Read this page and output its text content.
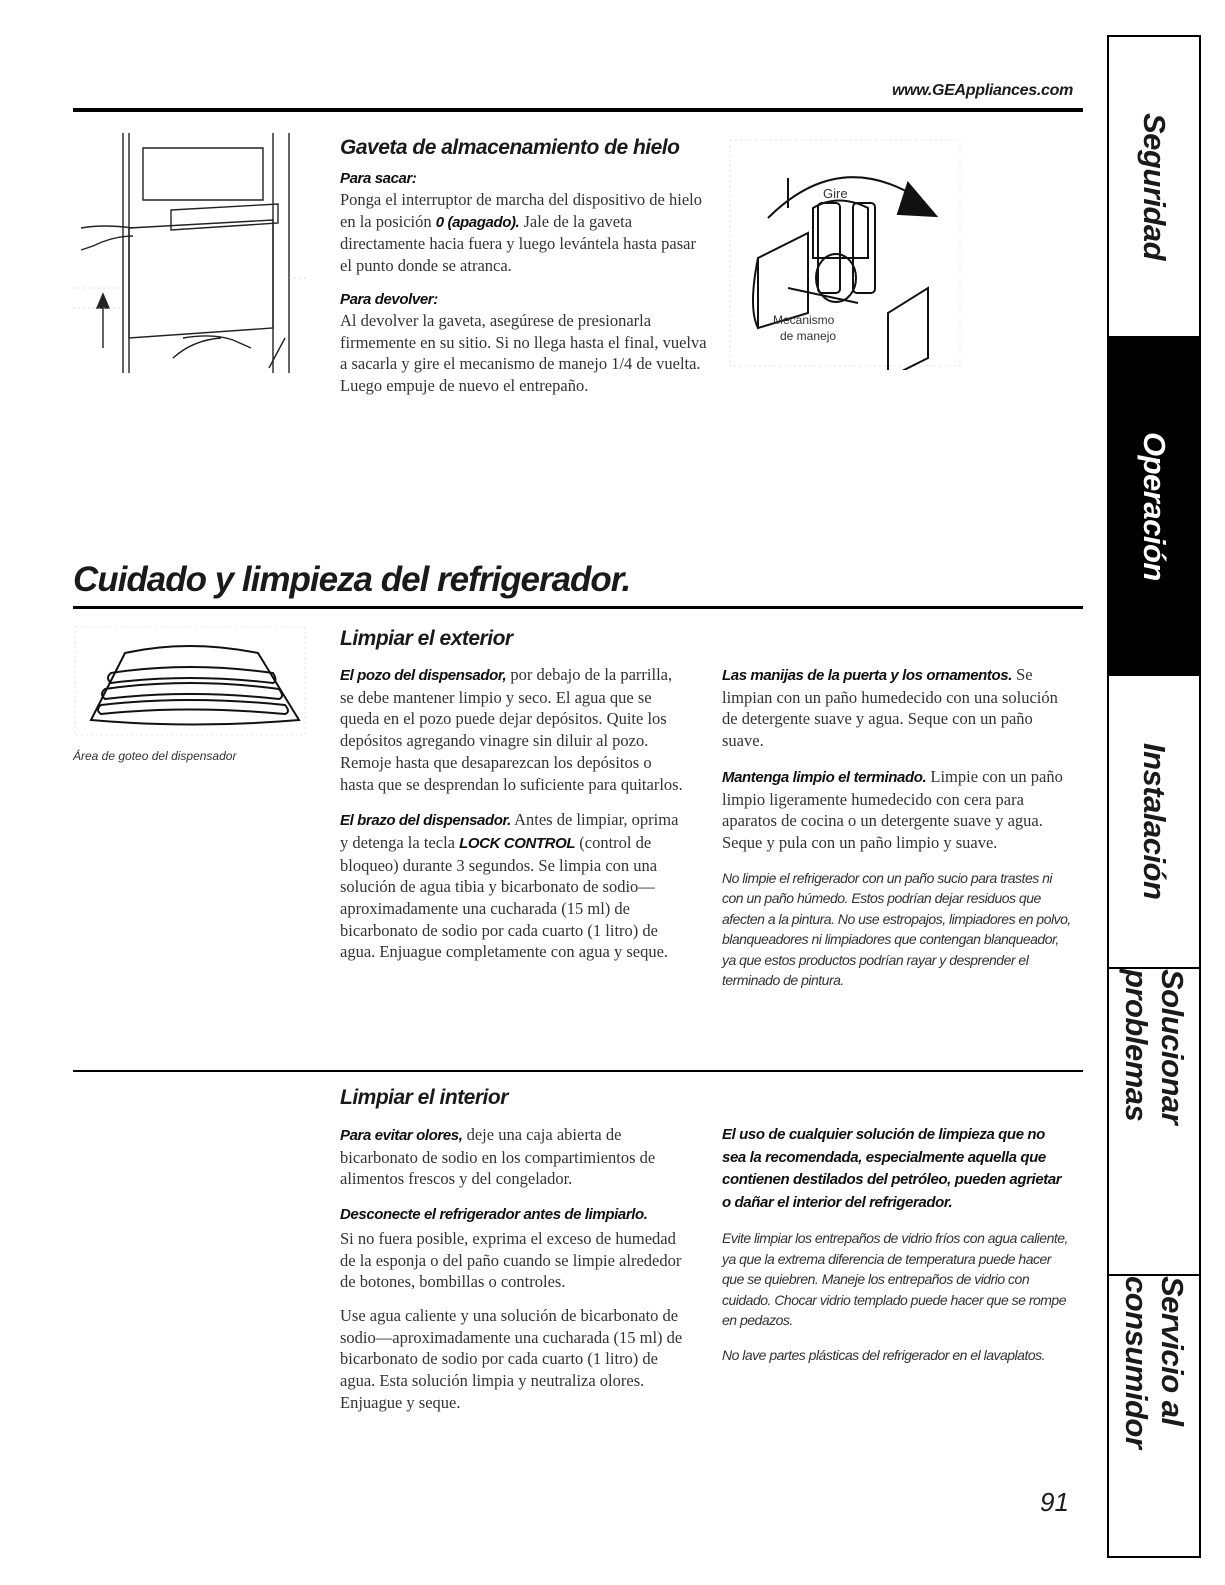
www.GEAppliances.com
Gaveta de almacenamiento de hielo
Para sacar:

Ponga el interruptor de marcha del dispositivo de hielo en la posición 0 (apagado). Jale de la gaveta directamente hacia fuera y luego levántela hasta pasar el punto donde se atranca.

Para devolver:

Al devolver la gaveta, asegúrese de presionarla firmemente en su sitio. Si no llega hasta el final, vuelva a sacarla y gire el mecanismo de manejo 1/4 de vuelta. Luego empuje de nuevo el entrepaño.

Gire
Mecanismo
de manejo
Cuidado y limpieza del refrigerador.
Área de goteo del dispensador
Limpiar el exterior

El pozo del dispensador, por debajo de la parrilla, se debe mantener limpio y seco. El agua que se queda en el pozo puede dejar depósitos. Quite los depósitos agregando vinagre sin diluir al pozo. Remoje hasta que desaparezcan los depósitos o hasta que se desprendan lo suficiente para quitarlos.

El brazo del dispensador. Antes de limpiar, oprima y detenga la tecla LOCK CONTROL (control de bloqueo) durante 3 segundos. Se limpia con una solución de agua tibia y bicarbonato de sodio—aproximadamente una cucharada (15 ml) de bicarbonato de sodio por cada cuarto (1 litro) de agua. Enjuague completamente con agua y seque.

Las manijas de la puerta y los ornamentos. Se limpian con un paño humedecido con una solución de detergente suave y agua. Seque con un paño suave.

Mantenga limpio el terminado. Limpie con un paño limpio ligeramente humedecido con cera para aparatos de cocina o un detergente suave y agua. Seque y pula con un paño limpio y suave.

No limpie el refrigerador con un paño sucio para trastes ni con un paño húmedo. Estos podrían dejar residuos que afecten a la pintura. No use estropajos, limpiadores en polvo, blanqueadores ni limpiadores que contengan blanqueador, ya que estos productos podrían rayar y desprender el terminado de pintura.

Limpiar el interior

Para evitar olores, deje una caja abierta de bicarbonato de sodio en los compartimientos de alimentos frescos y del congelador.

Desconecte el refrigerador antes de limpiarlo.
Si no fuera posible, exprima el exceso de humedad de la esponja o del paño cuando se limpie alrededor de botones, bombillas o controles.

Use agua caliente y una solución de bicarbonato de sodio—aproximadamente una cucharada (15 ml) de bicarbonato de sodio por cada cuarto (1 litro) de agua. Esta solución limpia y neutraliza olores. Enjuague y seque.

El uso de cualquier solución de limpieza que no sea la recomendada, especialmente aquella que contienen destilados del petróleo, pueden agrietar o dañar el interior del refrigerador.

Evite limpiar los entrepaños de vidrio fríos con agua caliente, ya que la extrema diferencia de temperatura puede hacer que se quiebren. Maneje los entrepaños de vidrio con cuidado. Chocar vidrio templado puede hacer que se rompe en pedazos.

No lave partes plásticas del refrigerador en el lavaplatos.

91
Seguridad
Operación
Instalación
Solucionar problemas
Servicio al consumidor
